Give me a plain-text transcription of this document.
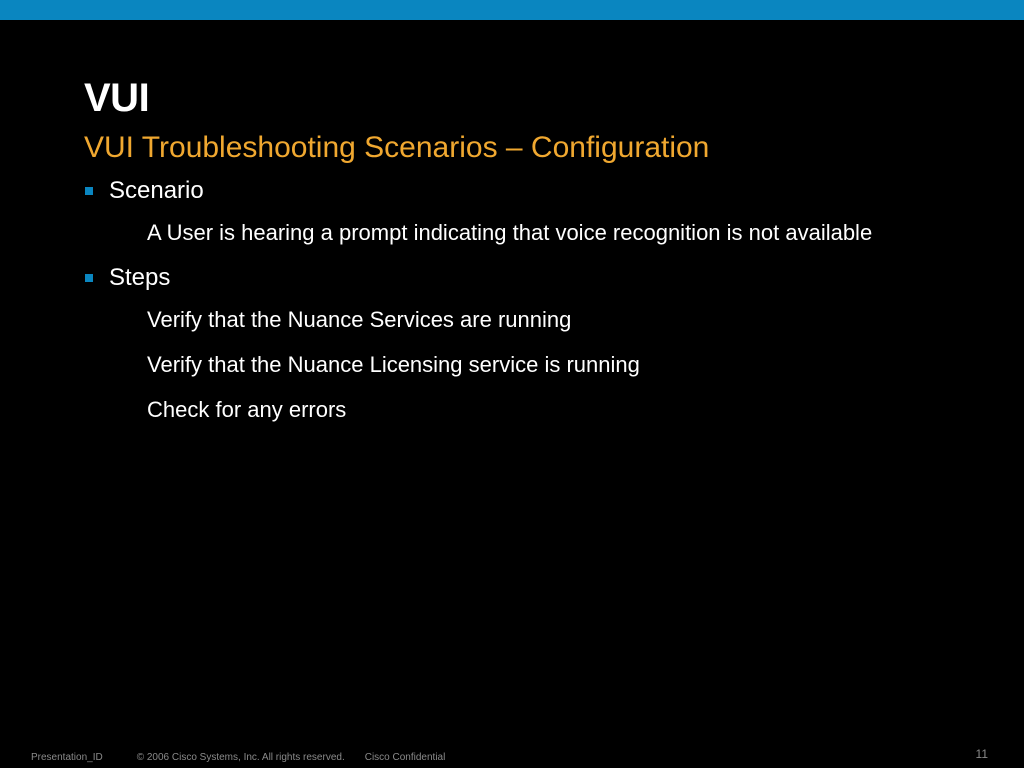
VUI
VUI Troubleshooting Scenarios – Configuration
Scenario
A User is hearing a prompt indicating that voice recognition is not available
Steps
Verify that the Nuance Services are running
Verify that the Nuance Licensing service is running
Check for any errors
Presentation_ID	© 2006 Cisco Systems, Inc. All rights reserved. Cisco Confidential	11
